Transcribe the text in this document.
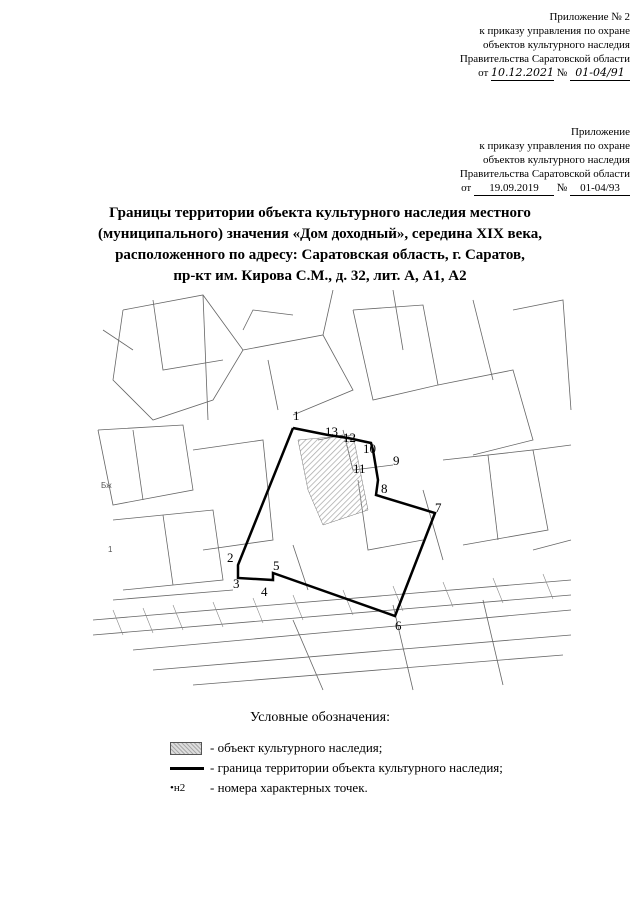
Приложение № 2
к приказу управления по охране
объектов культурного наследия
Правительства Саратовской области
от 10.12.2021 № 01-04/91
Приложение
к приказу управления по охране
объектов культурного наследия
Правительства Саратовской области
от 19.09.2019 № 01-04/93
Границы территории объекта культурного наследия местного
(муниципального) значения «Дом доходный», середина XIX века,
расположенного по адресу: Саратовская область, г. Саратов,
пр-кт им. Кирова С.М., д. 32, лит. А, А1, А2
1
2
3
4
5
6
7
8
9
10
11
12
13
Бж
1
Условные обозначения:
- объект культурного наследия;
- граница территории объекта культурного наследия;
•н2 - номера характерных точек.
